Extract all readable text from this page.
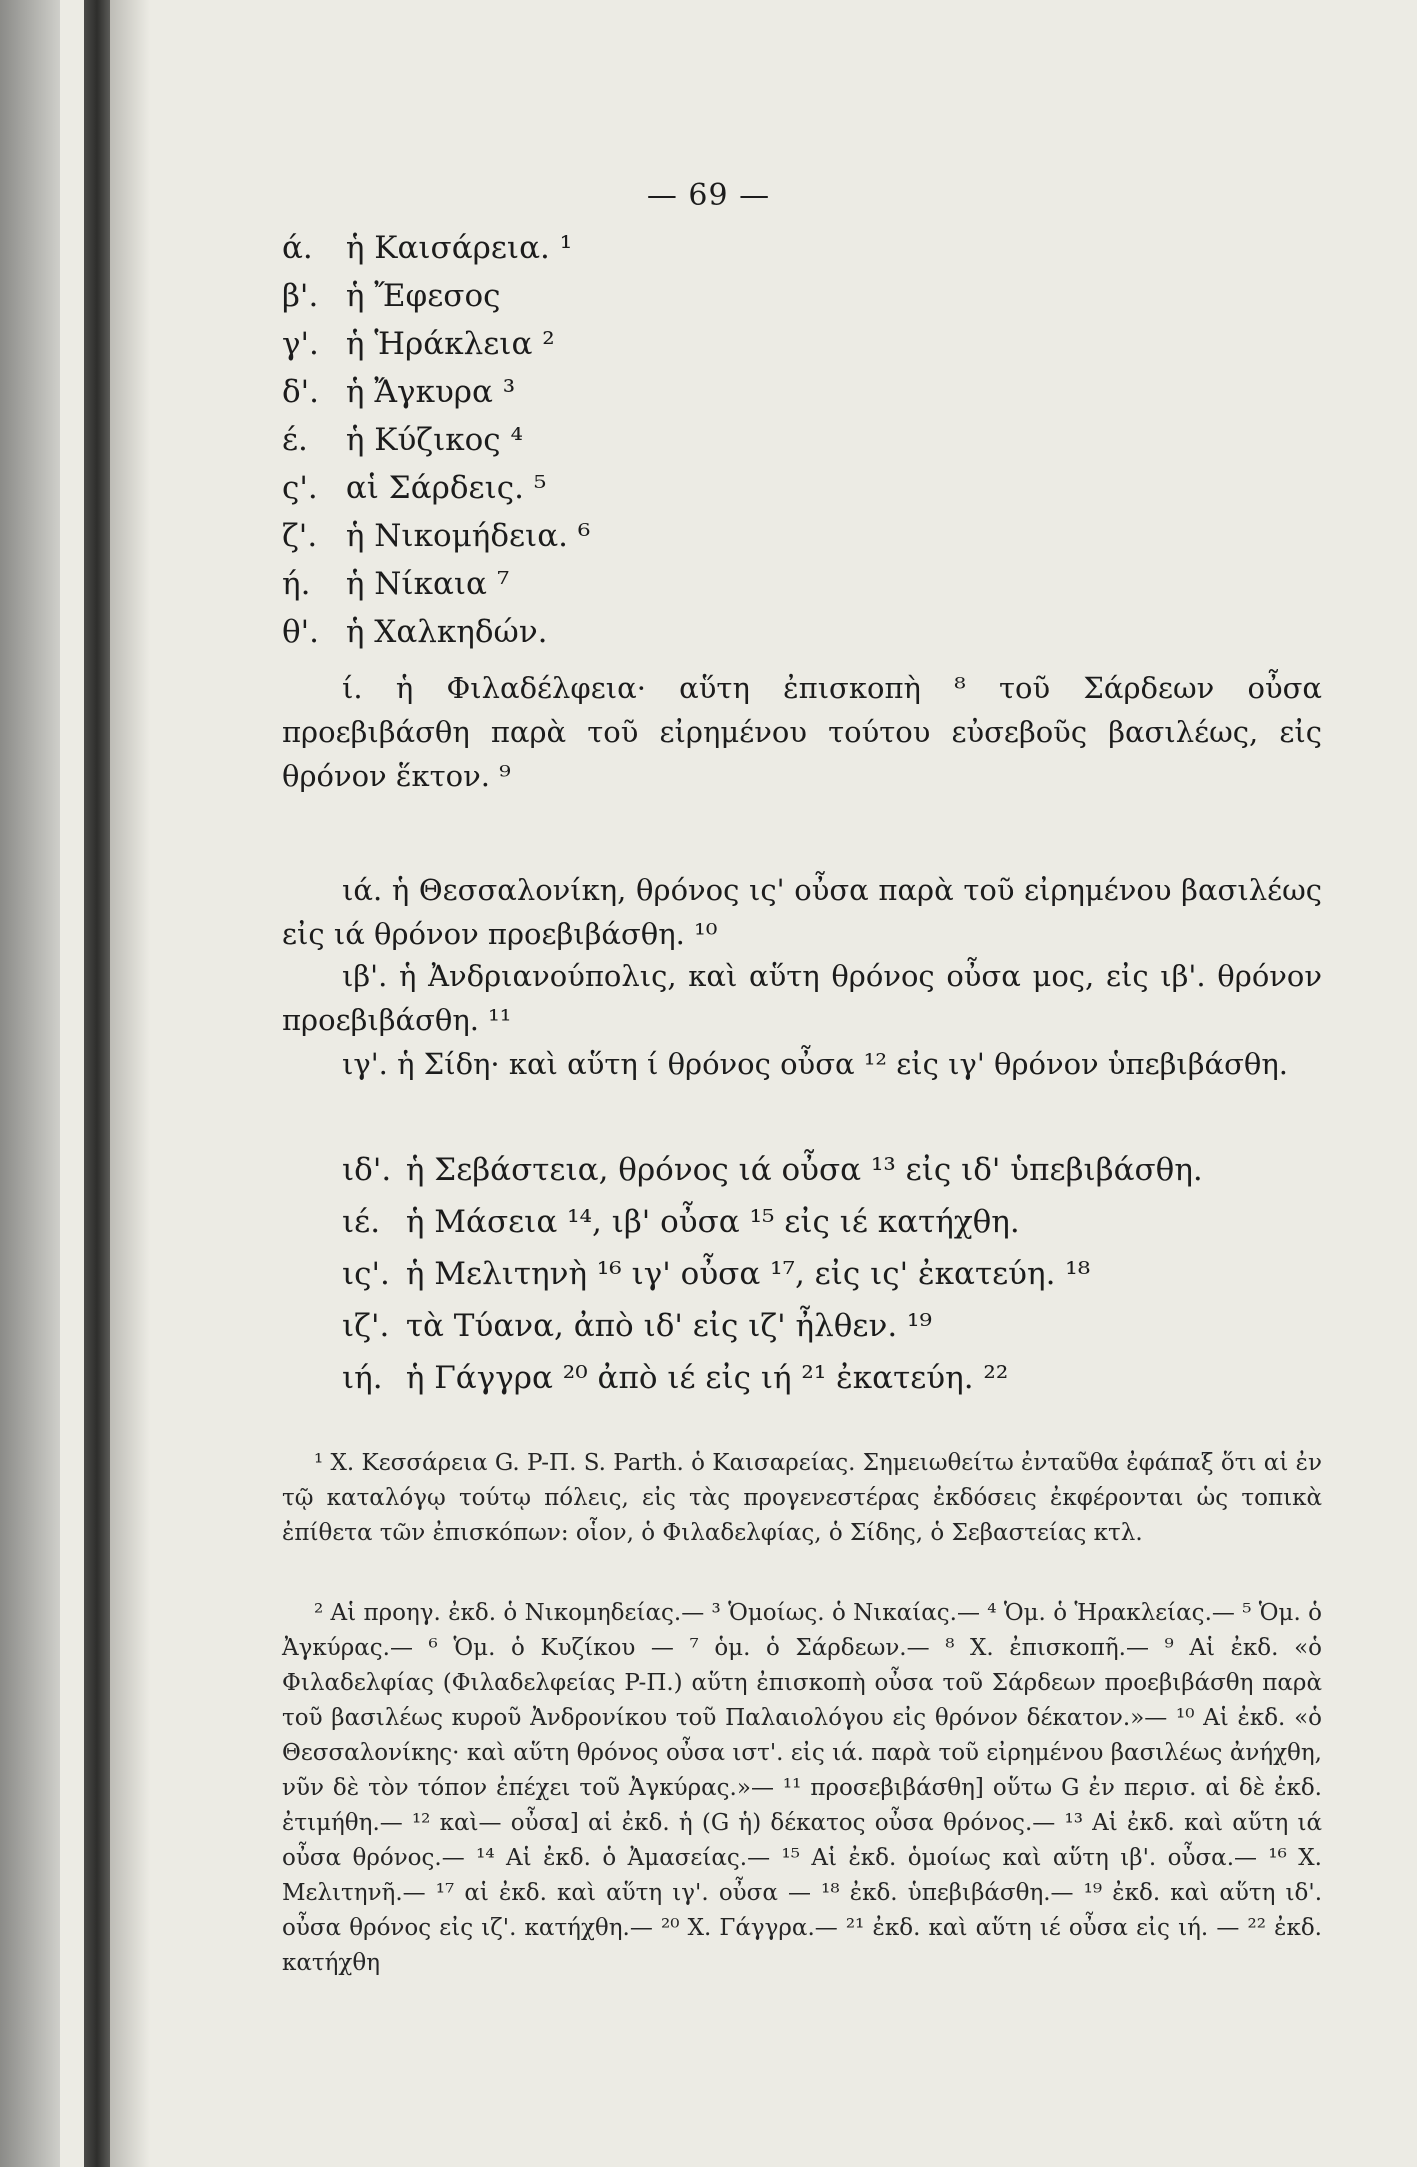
— 69 —
ά. ἡ Καισάρεια. ¹
β'. ἡ Ἔφεσος
γ'. ἡ Ἡράκλεια ²
δ'. ἡ Ἄγκυρα ³
έ. ἡ Κύζικος ⁴
ς'. αἱ Σάρδεις. ⁵
ζ'. ἡ Νικομήδεια. ⁶
ή. ἡ Νίκαια ⁷
θ'. ἡ Χαλκηδών.
ί. ἡ Φιλαδέλφεια· αὕτη ἐπισκοπὴ ⁸ τοῦ Σάρδεων οὖσα προεβιβάσθη παρὰ τοῦ εἰρημένου τούτου εὐσεβοῦς βασιλέως, εἰς θρόνον ἕκτον. ⁹
ιά. ἡ Θεσσαλονίκη, θρόνος ις' οὖσα παρὰ τοῦ εἰρημένου βασιλέως εἰς ιά θρόνον προεβιβάσθη. ¹⁰
ιβ'. ἡ Ἀνδριανούπολις, καὶ αὕτη θρόνος οὖσα μος, εἰς ιβ'. θρόνον προεβιβάσθη. ¹¹
ιγ'. ἡ Σίδη· καὶ αὕτη ί θρόνος οὖσα ¹² εἰς ιγ' θρόνον ὑπεβιβάσθη.
ιδ'. ἡ Σεβάστεια, θρόνος ιά οὖσα ¹³ εἰς ιδ' ὑπεβιβάσθη.
ιέ. ἡ Μάσεια ¹⁴, ιβ' οὖσα ¹⁵ εἰς ιέ κατήχθη.
ις'. ἡ Μελιτηνὴ ¹⁶ ιγ' οὖσα ¹⁷, εἰς ις' ἐκατεύη. ¹⁸
ιζ'. τὰ Τύανα, ἀπὸ ιδ' εἰς ιζ' ἦλθεν. ¹⁹
ιή. ἡ Γάγγρα ²⁰ ἀπὸ ιέ εἰς ιή ²¹ ἐκατεύη. ²²
¹ Χ. Κεσσάρεια G. P-Π. S. Parth. ὁ Καισαρείας. Σημειωθείτω ἐνταῦθα ἐφάπαξ ὅτι αἱ ἐν τῷ καταλόγῳ τούτῳ πόλεις, εἰς τὰς προγενεστέρας ἐκδόσεις ἐκφέρονται ὡς τοπικὰ ἐπίθετα τῶν ἐπισκόπων: οἷον, ὁ Φιλαδελφίας, ὁ Σίδης, ὁ Σεβαστείας κτλ.
² Αἱ προηγ. ἐκδ. ὁ Νικομηδείας.— ³ Ὁμοίως. ὁ Νικαίας.— ⁴ Ὁμ. ὁ Ἡρακλείας.— ⁵ Ὁμ. ὁ Ἀγκύρας.— ⁶ Ὁμ. ὁ Κυζίκου — ⁷ ὁμ. ὁ Σάρδεων.— ⁸ Χ. ἐπισκοπῆ.— ⁹ Αἱ ἐκδ. «ὁ Φιλαδελφίας (Φιλαδελφείας P-Π.) αὕτη ἐπισκοπὴ οὖσα τοῦ Σάρδεων προεβιβάσθη παρὰ τοῦ βασιλέως κυροῦ Ἀνδρονίκου τοῦ Παλαιολόγου εἰς θρόνον δέκατον.»— ¹⁰ Αἱ ἐκδ. «ὁ Θεσσαλονίκης· καὶ αὕτη θρόνος οὖσα ιστ'. εἰς ιά. παρὰ τοῦ εἰρημένου βασιλέως ἀνήχθη, νῦν δὲ τὸν τόπον ἐπέχει τοῦ Ἀγκύρας.»— ¹¹ προσεβιβάσθη] οὕτω G ἐν περισ. αἱ δὲ ἐκδ. ἐτιμήθη.— ¹² καὶ— οὖσα] αἱ ἐκδ. ἡ (G ἡ) δέκατος οὖσα θρόνος.— ¹³ Αἱ ἐκδ. καὶ αὕτη ιά οὖσα θρόνος.— ¹⁴ Αἱ ἐκδ. ὁ Ἀμασείας.— ¹⁵ Αἱ ἐκδ. ὁμοίως καὶ αὕτη ιβ'. οὖσα.— ¹⁶ Χ. Μελιτηνῆ.— ¹⁷ αἱ ἐκδ. καὶ αὕτη ιγ'. οὖσα — ¹⁸ ἐκδ. ὑπεβιβάσθη.— ¹⁹ ἐκδ. καὶ αὕτη ιδ'. οὖσα θρόνος εἰς ιζ'. κατήχθη.— ²⁰ Χ. Γάγγρα.— ²¹ ἐκδ. καὶ αὕτη ιέ οὖσα εἰς ιή. — ²² ἐκδ. κατήχθη
